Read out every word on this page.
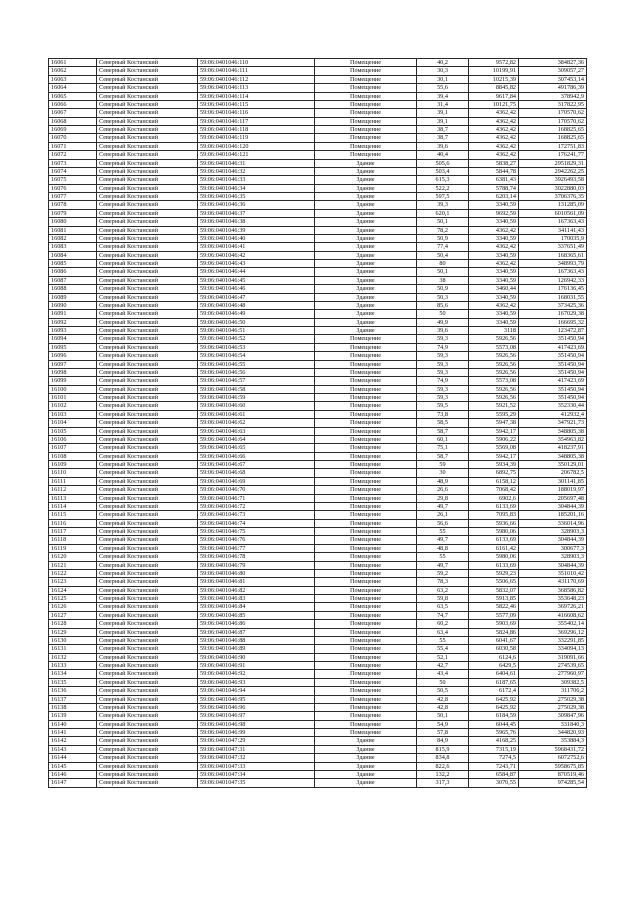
16061	Северный Костанский	59:06:0401046:110	Помещение	40,2	9572,82	384827,36
16062	Северный Костанский	59:06:0401046:111	Помещение	30,3	10199,91	309057,27
16063	Северный Костанский	59:06:0401046:112	Помещение	30,1	10215,39	307453,14
16064	Северный Костанский	59:06:0401046:113	Помещение	55,6	8845,82	491786,39
16065	Северный Костанский	59:06:0401046:114	Помещение	39,4	9617,84	378942,9
16066	Северный Костанский	59:06:0401046:115	Помещение	31,4	10121,75	317822,95
16067	Северный Костанский	59:06:0401046:116	Помещение	39,1	4362,42	170570,62
16068	Северный Костанский	59:06:0401046:117	Помещение	39,1	4362,42	170570,62
16069	Северный Костанский	59:06:0401046:118	Помещение	38,7	4362,42	168825,65
16070	Северный Костанский	59:06:0401046:119	Помещение	38,7	4362,42	168825,65
16071	Северный Костанский	59:06:0401046:120	Помещение	39,6	4362,42	172751,83
16072	Северный Костанский	59:06:0401046:121	Помещение	40,4	4362,42	176241,77
16073	Северный Костанский	59:06:0401046:31	Здание	505,6	5838,27	2951829,31
16074	Северный Костанский	59:06:0401046:32	Здание	503,4	5844,78	2942262,25
16075	Северный Костанский	59:06:0401046:33	Здание	615,3	6381,43	3926493,58
16076	Северный Костанский	59:06:0401046:34	Здание	522,2	5788,74	3022880,03
16077	Северный Костанский	59:06:0401046:35	Здание	597,5	6203,14	3706376,35
16078	Северный Костанский	59:06:0401046:36	Здание	39,3	3340,59	131285,09
16079	Северный Костанский	59:06:0401046:37	Здание	620,1	9692,59	6010561,09
16080	Северный Костанский	59:06:0401046:38	Здание	50,1	3340,59	167363,43
16081	Северный Костанский	59:06:0401046:39	Здание	78,2	4362,42	341141,43
16082	Северный Костанский	59:06:0401046:40	Здание	50,9	3340,59	170035,9
16083	Северный Костанский	59:06:0401046:41	Здание	77,4	4362,42	337651,49
16084	Северный Костанский	59:06:0401046:42	Здание	50,4	3340,59	168365,61
16085	Северный Костанский	59:06:0401046:43	Здание	80	4362,42	348993,79
16086	Северный Костанский	59:06:0401046:44	Здание	50,1	3340,59	167363,43
16087	Северный Костанский	59:06:0401046:45	Здание	38	3340,59	126942,33
16088	Северный Костанский	59:06:0401046:46	Здание	50,9	3460,44	176136,45
16089	Северный Костанский	59:06:0401046:47	Здание	50,3	3340,59	168031,55
16090	Северный Костанский	59:06:0401046:48	Здание	85,6	4362,42	373425,36
16091	Северный Костанский	59:06:0401046:49	Здание	50	3340,59	167029,38
16092	Северный Костанский	59:06:0401046:50	Здание	49,9	3340,59	166695,32
16093	Северный Костанский	59:06:0401046:51	Здание	39,6	3118	123472,87
16094	Северный Костанский	59:06:0401046:52	Помещение	59,3	5926,56	351450,94
16095	Северный Костанский	59:06:0401046:53	Помещение	74,9	5573,08	417423,69
16096	Северный Костанский	59:06:0401046:54	Помещение	59,3	5926,56	351450,94
16097	Северный Костанский	59:06:0401046:55	Помещение	59,3	5926,56	351450,94
16098	Северный Костанский	59:06:0401046:56	Помещение	59,3	5926,56	351450,94
16099	Северный Костанский	59:06:0401046:57	Помещение	74,9	5573,08	417423,69
16100	Северный Костанский	59:06:0401046:58	Помещение	59,3	5926,56	351450,94
16101	Северный Костанский	59:06:0401046:59	Помещение	59,3	5926,56	351450,94
16102	Северный Костанский	59:06:0401046:60	Помещение	59,5	5921,52	352330,44
16103	Северный Костанский	59:06:0401046:61	Помещение	73,8	5595,29	412932,4
16104	Северный Костанский	59:06:0401046:62	Помещение	58,5	5947,38	347921,73
16105	Северный Костанский	59:06:0401046:63	Помещение	58,7	5942,17	348805,38
16106	Северный Костанский	59:06:0401046:64	Помещение	60,1	5906,22	354963,82
16107	Северный Костанский	59:06:0401046:65	Помещение	75,1	5569,08	418237,91
16108	Северный Костанский	59:06:0401046:66	Помещение	58,7	5942,17	348805,38
16109	Северный Костанский	59:06:0401046:67	Помещение	59	5934,39	350129,01
16110	Северный Костанский	59:06:0401046:68	Помещение	30	6892,75	206782,5
16111	Северный Костанский	59:06:0401046:69	Помещение	48,9	6158,12	301141,85
16112	Северный Костанский	59:06:0401046:70	Помещение	26,6	7068,42	188019,97
16113	Северный Костанский	59:06:0401046:71	Помещение	29,8	6902,6	205697,48
16114	Северный Костанский	59:06:0401046:72	Помещение	49,7	6133,69	304844,39
16115	Северный Костанский	59:06:0401046:73	Помещение	26,1	7095,83	185201,16
16116	Северный Костанский	59:06:0401046:74	Помещение	56,6	5936,66	336014,96
16117	Северный Костанский	59:06:0401046:75	Помещение	55	5980,06	328903,3
16118	Северный Костанский	59:06:0401046:76	Помещение	49,7	6133,69	304844,39
16119	Северный Костанский	59:06:0401046:77	Помещение	48,8	6161,42	300677,3
16120	Северный Костанский	59:06:0401046:78	Помещение	55	5980,06	328903,3
16121	Северный Костанский	59:06:0401046:79	Помещение	49,7	6133,69	304844,39
16122	Северный Костанский	59:06:0401046:80	Помещение	59,2	5929,23	351010,42
16123	Северный Костанский	59:06:0401046:81	Помещение	78,3	5506,65	431170,69
16124	Северный Костанский	59:06:0401046:82	Помещение	63,2	5832,07	368586,82
16125	Северный Костанский	59:06:0401046:83	Помещение	59,8	5913,85	353648,23
16126	Северный Костанский	59:06:0401046:84	Помещение	63,5	5822,46	369726,21
16127	Северный Костанский	59:06:0401046:85	Помещение	74,7	5577,09	416608,62
16128	Северный Костанский	59:06:0401046:86	Помещение	60,2	5903,69	355402,14
16129	Северный Костанский	59:06:0401046:87	Помещение	63,4	5824,86	369296,12
16130	Северный Костанский	59:06:0401046:88	Помещение	55	6041,67	332291,85
16131	Северный Костанский	59:06:0401046:89	Помещение	55,4	6030,58	334094,13
16132	Северный Костанский	59:06:0401046:90	Помещение	52,1	6124,6	319091,66
16133	Северный Костанский	59:06:0401046:91	Помещение	42,7	6429,5	274539,65
16134	Северный Костанский	59:06:0401046:92	Помещение	43,4	6404,61	277960,97
16135	Северный Костанский	59:06:0401046:93	Помещение	50	6187,65	309382,5
16136	Северный Костанский	59:06:0401046:94	Помещение	50,5	6172,4	311706,2
16137	Северный Костанский	59:06:0401046:95	Помещение	42,8	6425,92	275029,38
16138	Северный Костанский	59:06:0401046:96	Помещение	42,8	6425,92	275029,38
16139	Северный Костанский	59:06:0401046:97	Помещение	50,1	6184,59	309847,96
16140	Северный Костанский	59:06:0401046:98	Помещение	54,9	6044,45	331840,3
16141	Северный Костанский	59:06:0401046:99	Помещение	57,8	5965,76	344820,93
16142	Северный Костанский	59:06:0401047:29	Здание	84,9	4168,25	353884,3
16143	Северный Костанский	59:06:0401047:31	Здание	815,9	7315,19	5968431,72
16144	Северный Костанский	59:06:0401047:32	Здание	834,8	7274,5	6072752,6
16145	Северный Костанский	59:06:0401047:33	Здание	822,6	7243,71	5958675,85
16146	Северный Костанский	59:06:0401047:34	Здание	132,2	6584,87	870519,46
16147	Северный Костанский	59:06:0401047:35	Здание	317,3	3070,55	974285,54
